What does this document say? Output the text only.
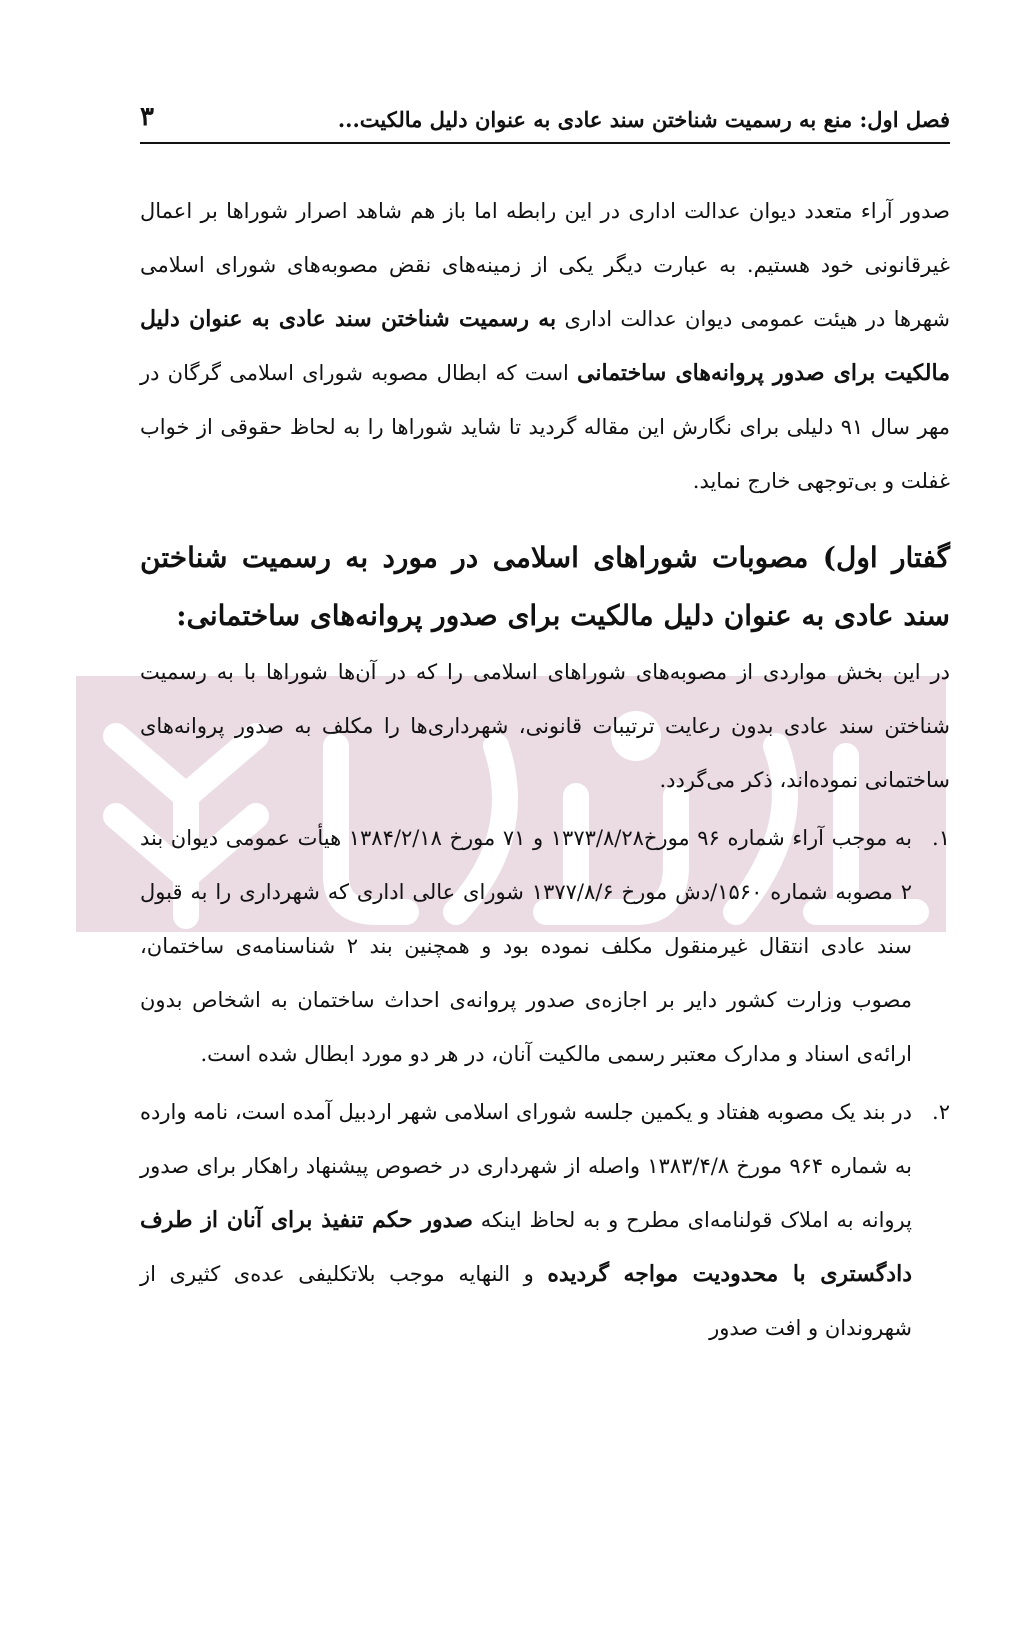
فصل اول: منع به رسمیت شناختن سند عادی به عنوان دلیل مالکیت...
۳

صدور آراء متعدد دیوان عدالت اداری در این رابطه اما باز هم شاهد اصرار شوراها بر اعمال غیرقانونی خود هستیم. به عبارت دیگر یکی از زمینه‌های نقض مصوبه‌های شورای اسلامی شهرها در هیئت عمومی دیوان عدالت اداری به رسمیت شناختن سند عادی به عنوان دلیل مالکیت برای صدور پروانه‌های ساختمانی است که ابطال مصوبه شورای اسلامی گرگان در مهر سال ۹۱ دلیلی برای نگارش این مقاله گردید تا شاید شوراها را به لحاظ حقوقی از خواب غفلت و بی‌توجهی خارج نماید.

گفتار اول) مصوبات شوراهای اسلامی در مورد به رسمیت شناختن سند عادی به عنوان دلیل مالکیت برای صدور پروانه‌های ساختمانی:

در این بخش مواردی از مصوبه‌های شوراهای اسلامی را که در آن‌ها شوراها با به رسمیت شناختن سند عادی بدون رعایت ترتیبات قانونی، شهرداری‌ها را مکلف به صدور پروانه‌های ساختمانی نموده‌اند، ذکر می‌گردد.

۱.
به موجب آراء شماره ۹۶ مورخ۱۳۷۳/۸/۲۸ و ۷۱ مورخ ۱۳۸۴/۲/۱۸ هیأت عمومی دیوان بند ۲ مصوبه شماره ۱۵۶۰/دش مورخ ۱۳۷۷/۸/۶ شورای عالی اداری که شهرداری را به قبول سند عادی انتقال غیرمنقول مکلف نموده بود و همچنین بند ۲ شناسنامه‌ی ساختمان، مصوب وزارت کشور دایر بر اجازه‌ی صدور پروانه‌ی احداث ساختمان به اشخاص بدون ارائه‌ی اسناد و مدارک معتبر رسمی مالکیت آنان، در هر دو مورد ابطال شده است.
۲.
در بند یک مصوبه هفتاد و یکمین جلسه شورای اسلامی شهر اردبیل آمده است، نامه وارده به شماره ۹۶۴ مورخ ۱۳۸۳/۴/۸ واصله از شهرداری در خصوص پیشنهاد راهکار برای صدور پروانه به املاک قولنامه‌ای مطرح و به لحاظ اینکه صدور حکم تنفیذ برای آنان از طرف دادگستری با محدودیت مواجه گردیده و النهایه موجب بلاتکلیفی عده‌ی کثیری از شهروندان و افت صدور
